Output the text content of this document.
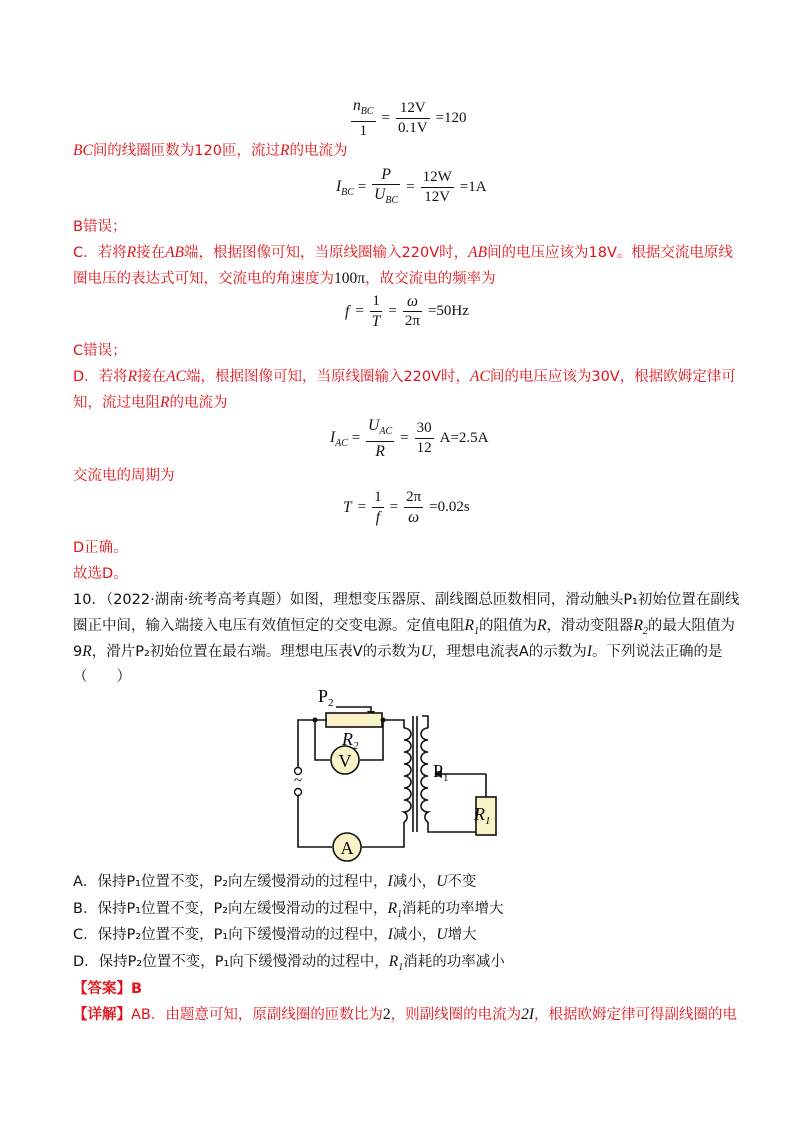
$\frac{n_{BC}}{1} = \frac{12V}{0.1V} =120$
BC间的线圈匝数为120匝，流过R的电流为
$I_{BC} = \frac{P}{U_{BC}} = \frac{12W}{12V} =1A$
B错误；
C．若将R接在AB端，根据图像可知，当原线圈输入220V时，AB间的电压应该为18V。根据交流电原线
圈电压的表达式可知，交流电的角速度为100π，故交流电的频率为
$f = \frac{1}{T} = \frac{\omega}{2\pi} =50Hz$
C错误；
D．若将R接在AC端，根据图像可知，当原线圈输入220V时，AC间的电压应该为30V，根据欧姆定律可
知，流过电阻R的电流为
$I_{AC} = \frac{U_{AC}}{R} = \frac{30}{12} A=2.5A$
交流电的周期为
$T = \frac{1}{f} = \frac{2\pi}{\omega} =0.02s$
D正确。
故选D。
10．（2022·湖南·统考高考真题）如图，理想变压器原、副线圈总匝数相同，滑动触头P₁初始位置在副线
圈正中间，输入端接入电压有效值恒定的交变电源。定值电阻$R_1$的阻值为R，滑动变阻器$R_2$的最大阻值为
9R，滑片P₂初始位置在最右端。理想电压表V的示数为U，理想电流表A的示数为I。下列说法正确的是
（　　）
V
A
~
$P_2$
$R_2$
$P_1$
$R_1$
A．保持P₁位置不变，P₂向左缓慢滑动的过程中，I减小，U不变
B．保持P₁位置不变，P₂向左缓慢滑动的过程中，$R_1$消耗的功率增大
C．保持P₂位置不变，P₁向下缓慢滑动的过程中，I减小，U增大
D．保持P₂位置不变，P₁向下缓慢滑动的过程中，$R_1$消耗的功率减小
【答案】B
【详解】AB．由题意可知，原副线圈的匝数比为2，则副线圈的电流为2I，根据欧姆定律可得副线圈的电
